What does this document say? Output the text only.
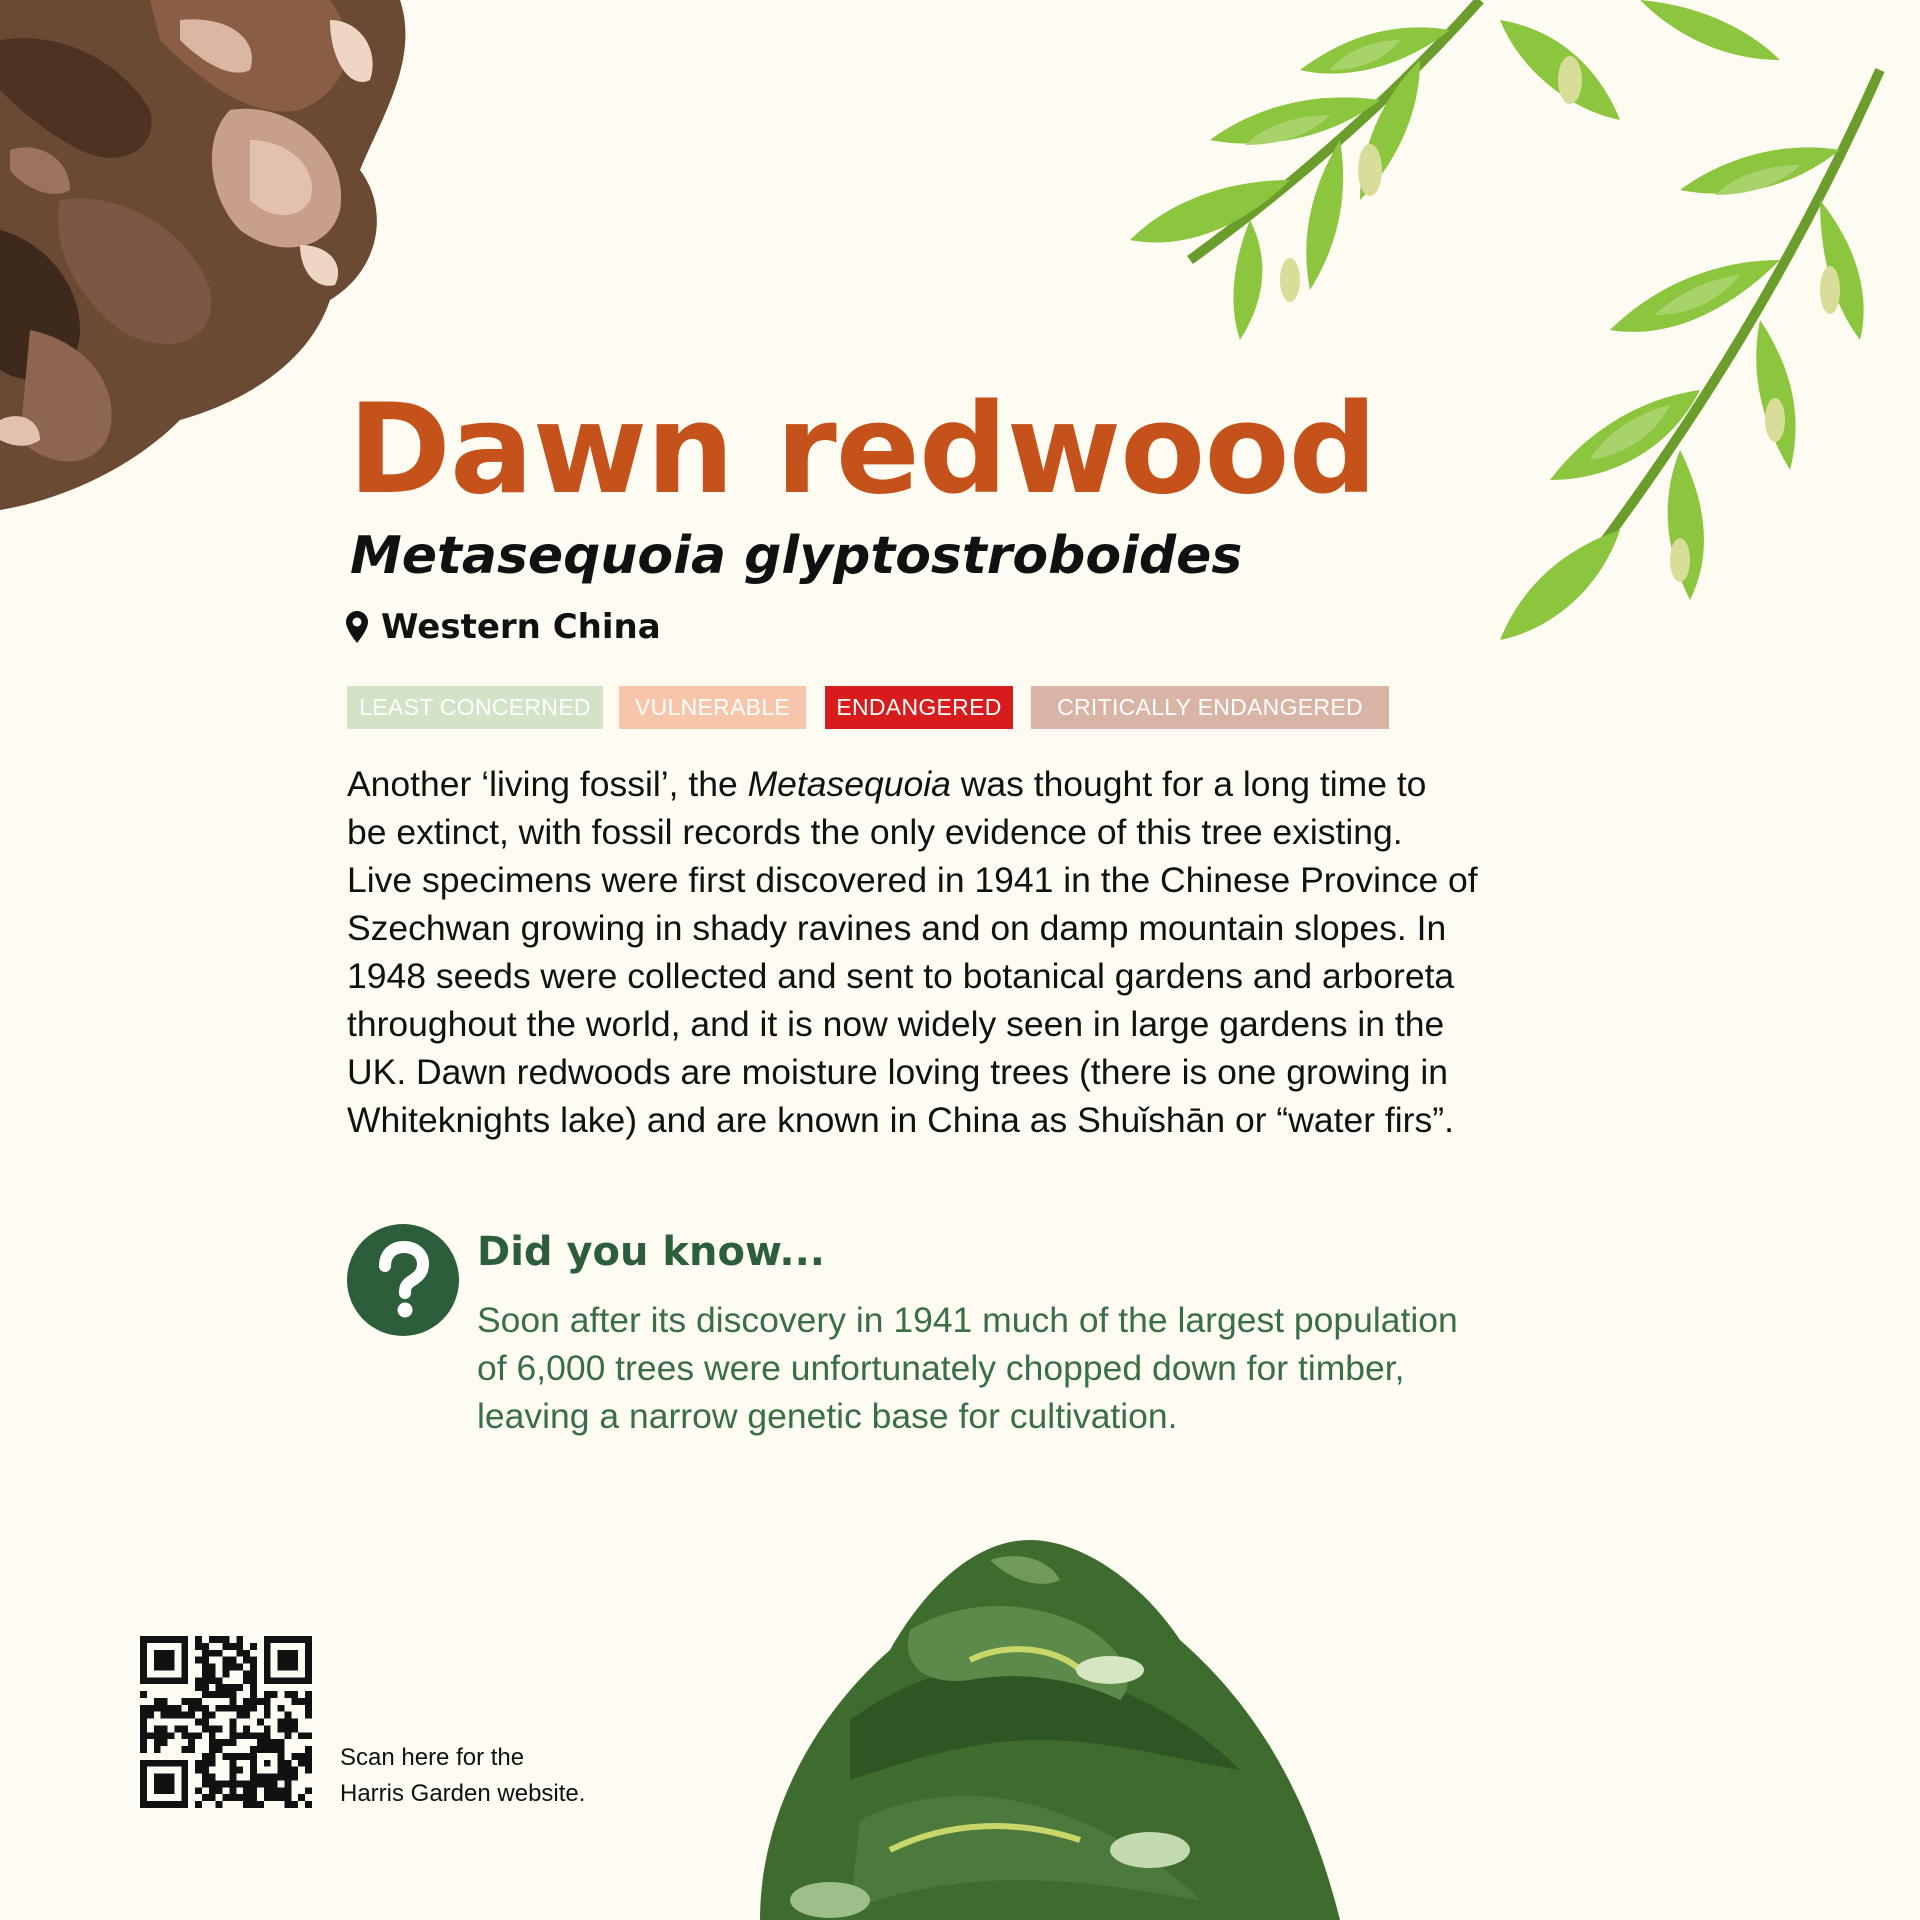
Dawn redwood
Metasequoia glyptostroboides
Western China
LEAST CONCERNED	VULNERABLE	ENDANGERED	CRITICALLY ENDANGERED
Another ‘living fossil’, the Metasequoia was thought for a long time to
be extinct, with fossil records the only evidence of this tree existing.
Live specimens were first discovered in 1941 in the Chinese Province of
Szechwan growing in shady ravines and on damp mountain slopes. In
1948 seeds were collected and sent to botanical gardens and arboreta
throughout the world, and it is now widely seen in large gardens in the
UK. Dawn redwoods are moisture loving trees (there is one growing in
Whiteknights lake) and are known in China as Shuǐshān or “water firs”.
Did you know...
Soon after its discovery in 1941 much of the largest population
of 6,000 trees were unfortunately chopped down for timber,
leaving a narrow genetic base for cultivation.
Scan here for the
Harris Garden website.
